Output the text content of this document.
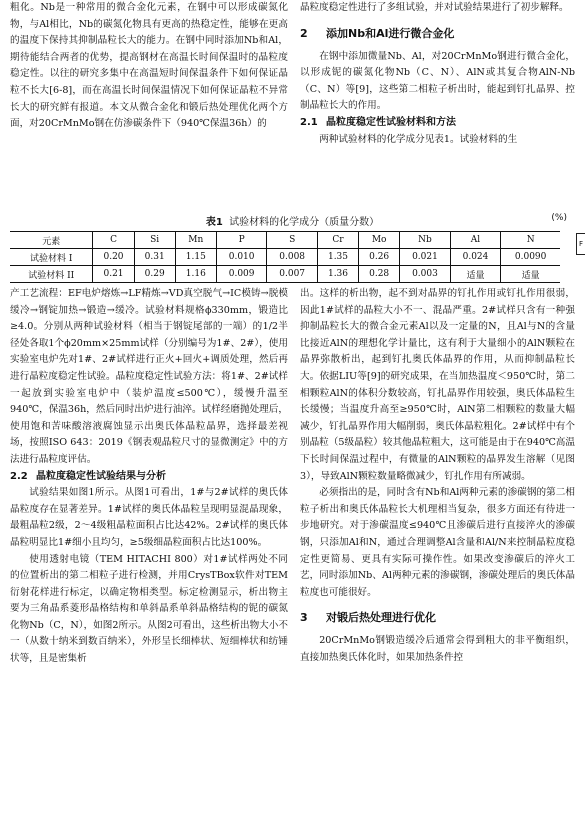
粗化。Nb是一种常用的微合金化元素，在钢中可以形成碳氮化物，与Al相比，Nb的碳氮化物具有更高的热稳定性，能够在更高的温度下保持其抑制晶粒长大的能力。在钢中同时添加Nb和Al，期待能结合两者的优势，提高钢材在高温长时间保温时的晶粒度稳定性。以往的研究多集中在高温短时间保温条件下如何保证晶粒不长大[6-8]，而在高温长时间保温情况下如何保证晶粒不异常长大的研究鲜有报道。本文从微合金化和锻后热处理优化两个方面，对20CrMnMo钢在仿渗碳条件下（940℃保温36h）的

晶粒度稳定性进行了多组试验，并对试验结果进行了初步解释。

2 添加Nb和Al进行微合金化

在钢中添加微量Nb、Al，对20CrMnMo钢进行微合金化，以形成铌的碳氮化物Nb（C、N）、AlN或其复合物AlN-Nb（C、N）等[9]，这些第二相粒子析出时，能起到钉扎晶界、控制晶粒长大的作用。

2.1 晶粒度稳定性试验材料和方法

两种试验材料的化学成分见表1。试验材料的生

表1 试验材料的化学成分（质量分数）	(%)
元素	C	Si	Mn	P	S	Cr	Mo	Nb	Al	N
试验材料 I	0.20	0.31	1.15	0.010	0.008	1.35	0.26	0.021	0.024	0.0090
试验材料 II	0.21	0.29	1.16	0.009	0.007	1.36	0.28	0.003	适量	适量
F

产工艺流程：EF电炉熔炼→LF精炼→VD真空脱气→IC模铸→脱模缓冷→钢锭加热→锻造→缓冷。试验材料规格ϕ330mm，锻造比≥4.0。分别从两种试验材料（相当于钢锭尾部的一端）的1/2半径处各取1个ϕ20mm×25mm试样（分别编号为1#、2#），使用实验室电炉先对1#、2#试样进行正火+回火+调质处理，然后再进行晶粒度稳定性试验。晶粒度稳定性试验方法：将1#、2#试样一起放到实验室电炉中（装炉温度≤500℃），缓慢升温至940℃，保温36h，然后同时出炉进行油淬。试样经磨抛处理后，使用饱和苦味酸溶液腐蚀显示出奥氏体晶粒晶界，选择最差视场，按照ISO 643：2019《钢表观晶粒尺寸的显微测定》中的方法进行晶粒度评估。

2.2 晶粒度稳定性试验结果与分析

试验结果如图1所示。从图1可看出，1#与2#试样的奥氏体晶粒度存在显著差异。1#试样的奥氏体晶粒呈现明显混晶现象，最粗晶粒2级，2～4级粗晶粒面积占比达42%。2#试样的奥氏体晶粒明显比1#细小且均匀，≥5级细晶粒面积占比达100%。

使用透射电镜（TEM HITACHI 800）对1#试样两处不同的位置析出的第二相粒子进行检测，并用CrysTBox软件对TEM衍射花样进行标定，以确定物相类型。标定检测显示，析出物主要为三角晶系菱形晶格结构和单斜晶系单斜晶格结构的铌的碳氮化物Nb（C，N），如图2所示。从图2可看出，这些析出物大小不一（从数十纳米到数百纳米），外形呈长细棒状、短细棒状和纺锤状等，且是密集析

出。这样的析出物，起不到对晶界的钉扎作用或钉扎作用很弱，因此1#试样的晶粒大小不一、混晶严重。2#试样只含有一种强抑制晶粒长大的微合金元素Al以及一定量的N，且Al与N的含量比接近AlN的理想化学计量比，这有利于大量细小的AlN颗粒在晶界弥散析出，起到钉扎奥氏体晶界的作用，从而抑制晶粒长大。依据LIU等[9]的研究成果，在当加热温度＜950℃时，第二相颗粒AlN的体积分数较高，钉扎晶界作用较强，奥氏体晶粒生长缓慢；当温度升高至≥950℃时，AlN第二相颗粒的数量大幅减少，钉扎晶界作用大幅削弱，奥氏体晶粒粗化。2#试样中有个别晶粒（5级晶粒）较其他晶粒粗大，这可能是由于在940℃高温下长时间保温过程中，有微量的AlN颗粒的晶界发生溶解（见图3），导致AlN颗粒数量略微减少，钉扎作用有所减弱。

必须指出的是，同时含有Nb和Al两种元素的渗碳钢的第二相粒子析出和奥氏体晶粒长大机理相当复杂，很多方面还有待进一步地研究。对于渗碳温度≤940℃且渗碳后进行直接淬火的渗碳钢，只添加Al和N，通过合理调整Al含量和Al/N来控制晶粒度稳定性更简易、更具有实际可操作性。如果改变渗碳后的淬火工艺，同时添加Nb、Al两种元素的渗碳钢，渗碳处理后的奥氏体晶粒度也可能很好。

3 对锻后热处理进行优化

20CrMnMo钢锻造缓冷后通常会得到粗大的非平衡组织，直接加热奥氏体化时，如果加热条件控
